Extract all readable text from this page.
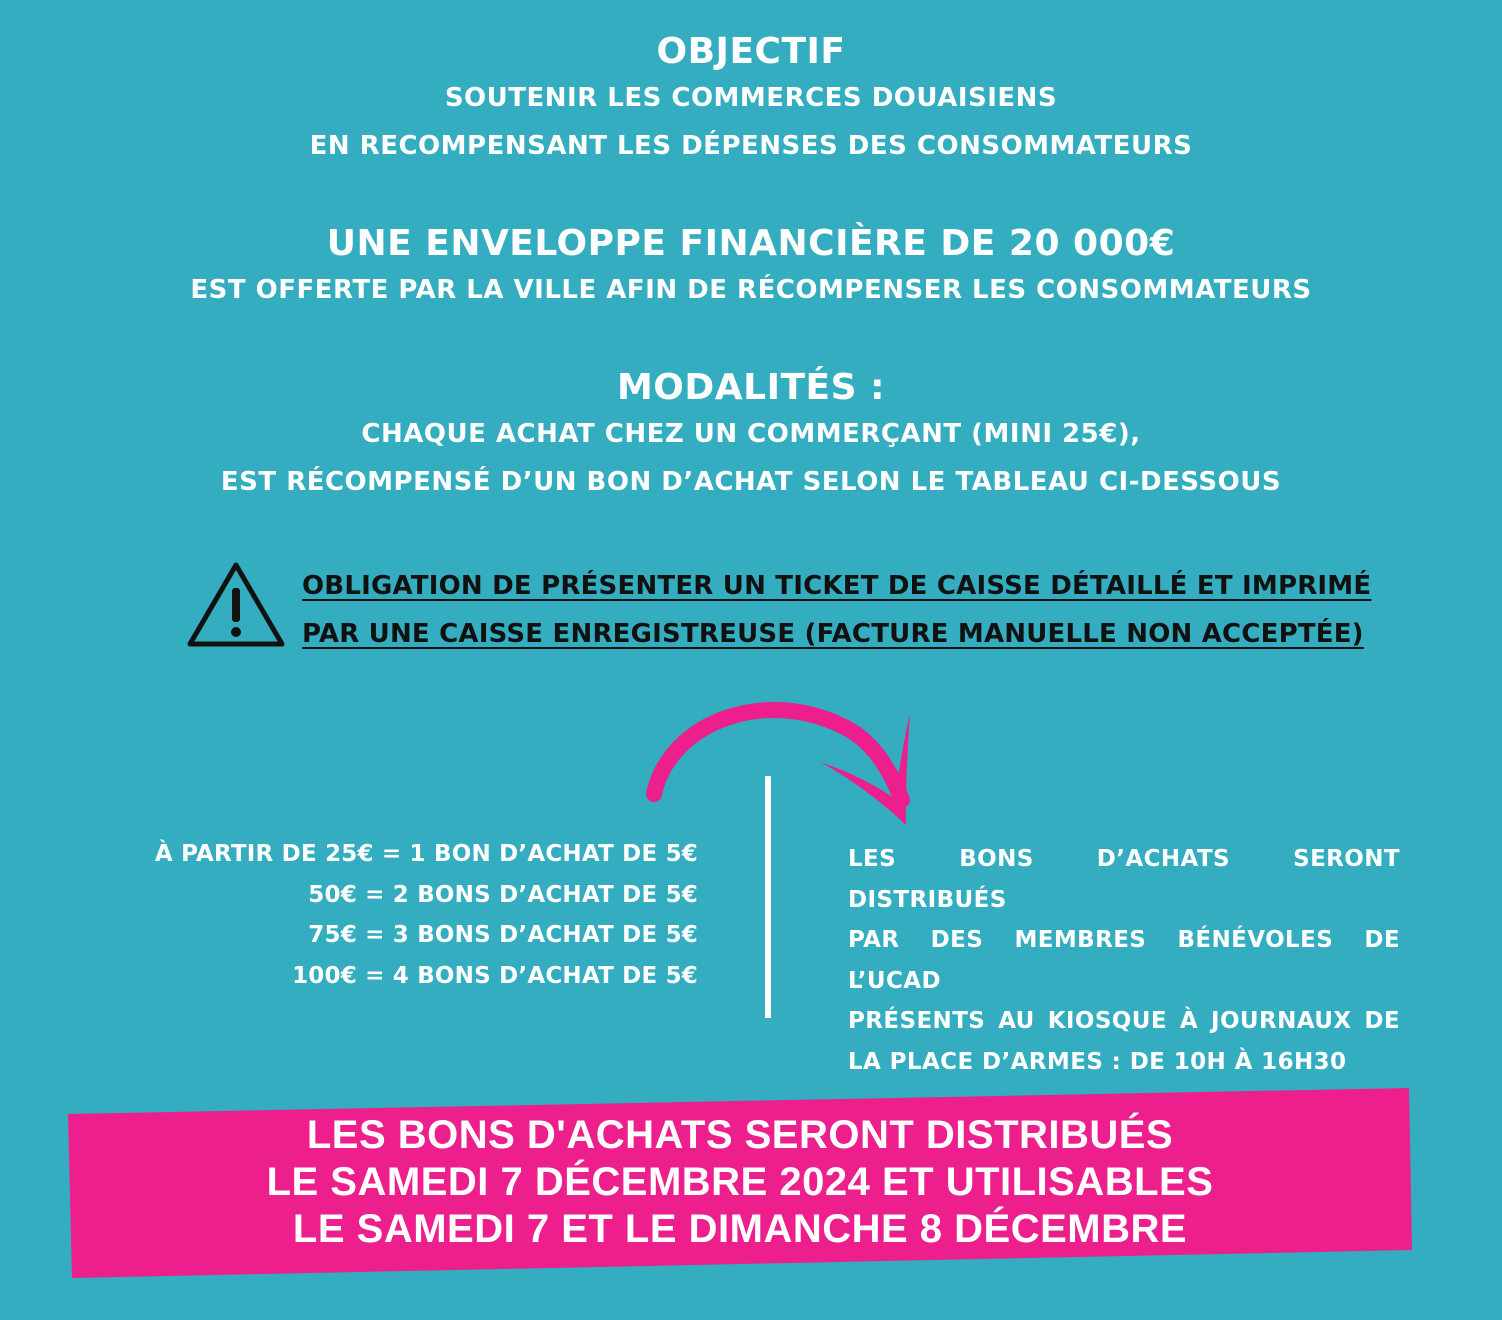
OBJECTIF
SOUTENIR LES COMMERCES DOUAISIENS
EN RECOMPENSANT LES DÉPENSES DES CONSOMMATEURS
UNE ENVELOPPE FINANCIÈRE DE 20 000€
EST OFFERTE PAR LA VILLE AFIN DE RÉCOMPENSER LES CONSOMMATEURS
MODALITÉS :
CHAQUE ACHAT CHEZ UN COMMERÇANT (MINI 25€),
EST RÉCOMPENSÉ D’UN BON D’ACHAT SELON LE TABLEAU CI-DESSOUS
OBLIGATION DE PRÉSENTER UN TICKET DE CAISSE DÉTAILLÉ ET IMPRIMÉ
PAR UNE CAISSE ENREGISTREUSE (FACTURE MANUELLE NON ACCEPTÉE)
À PARTIR DE 25€ = 1 BON D’ACHAT DE 5€
50€ = 2 BONS D’ACHAT DE 5€
75€ = 3 BONS D’ACHAT DE 5€
100€ = 4 BONS D’ACHAT DE 5€
LES BONS D’ACHATS SERONT DISTRIBUÉS
PAR DES MEMBRES BÉNÉVOLES DE L’UCAD
PRÉSENTS AU KIOSQUE À JOURNAUX DE
LA PLACE D’ARMES : DE 10H À 16H30
LES BONS D'ACHATS SERONT DISTRIBUÉS
LE SAMEDI 7 DÉCEMBRE 2024 ET UTILISABLES
LE SAMEDI 7 ET LE DIMANCHE 8 DÉCEMBRE
